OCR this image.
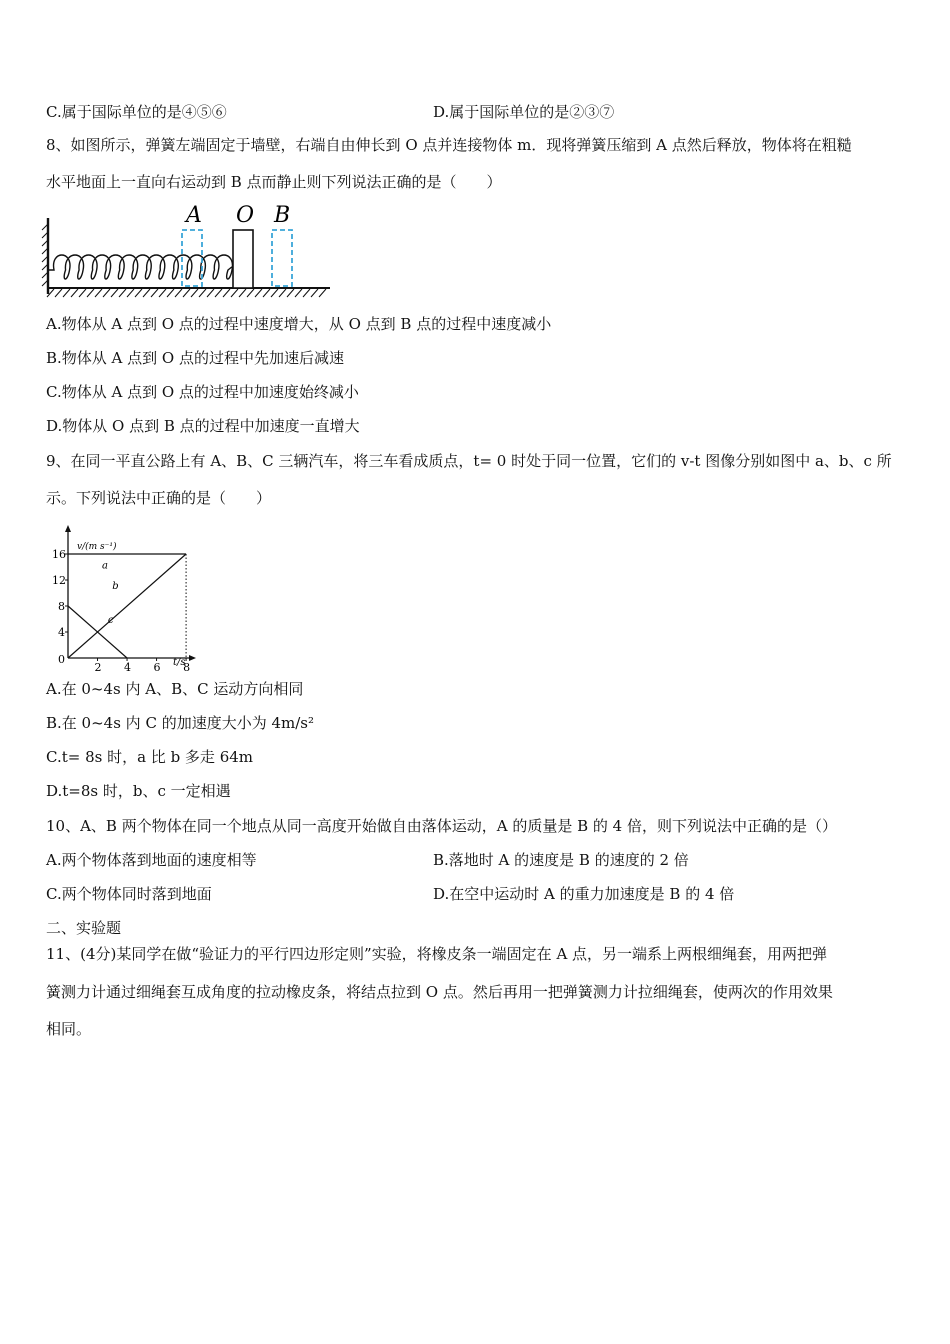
C.属于国际单位的是④⑤⑥	D.属于国际单位的是②③⑦
8、如图所示，弹簧左端固定于墙壁，右端自由伸长到 O 点并连接物体 m．现将弹簧压缩到 A 点然后释放，物体将在粗糙
水平地面上一直向右运动到 B 点而静止则下列说法正确的是（　　）
A O B
A.物体从 A 点到 O 点的过程中速度增大，从 O 点到 B 点的过程中速度减小
B.物体从 A 点到 O 点的过程中先加速后减速
C.物体从 A 点到 O 点的过程中加速度始终减小
D.物体从 O 点到 B 点的过程中加速度一直增大
9、在同一平直公路上有 A、B、C 三辆汽车，将三车看成质点，t= 0 时处于同一位置，它们的 v-t 图像分别如图中 a、b、c 所
示。下列说法中正确的是（　　）
v/(m s⁻¹)
t/s
0
4
8
12
16
2 4 6 8
a
b
c
A.在 0~4s 内 A、B、C 运动方向相同
B.在 0~4s 内 C 的加速度大小为 4m/s²
C.t= 8s 时，a 比 b 多走 64m
D.t=8s 时，b、c 一定相遇
10、A、B 两个物体在同一个地点从同一高度开始做自由落体运动，A 的质量是 B 的 4 倍，则下列说法中正确的是（）
A.两个物体落到地面的速度相等	B.落地时 A 的速度是 B 的速度的 2 倍
C.两个物体同时落到地面	D.在空中运动时 A 的重力加速度是 B 的 4 倍
二、实验题
11、(4分)某同学在做“验证力的平行四边形定则”实验，将橡皮条一端固定在 A 点，另一端系上两根细绳套，用两把弹
簧测力计通过细绳套互成角度的拉动橡皮条，将结点拉到 O 点。然后再用一把弹簧测力计拉细绳套，使两次的作用效果
相同。
